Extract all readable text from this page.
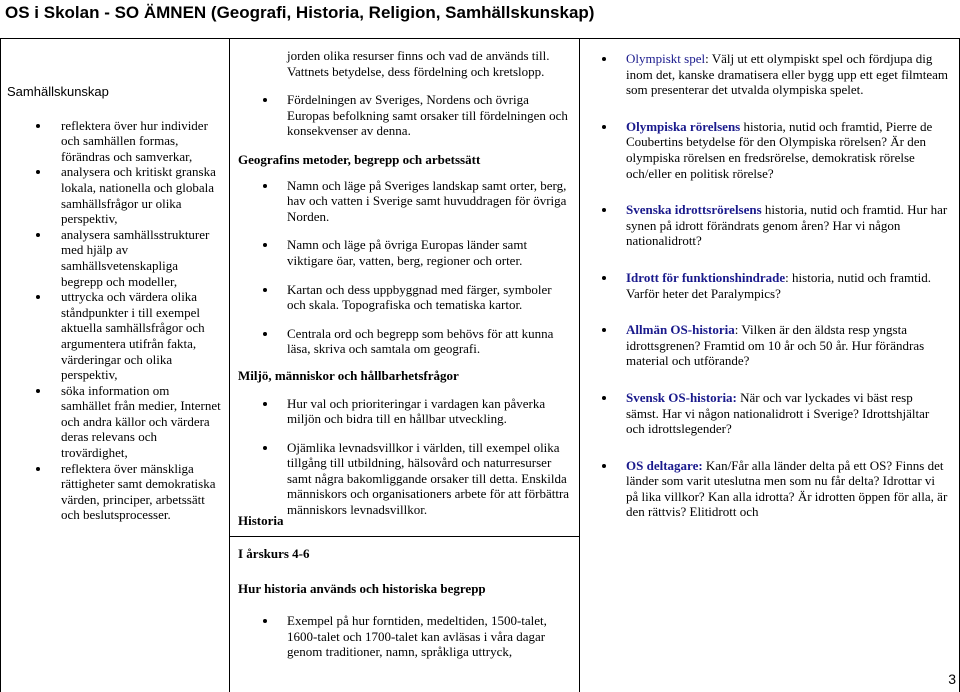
OS i Skolan - SO ÄMNEN (Geografi, Historia, Religion, Samhällskunskap)
Samhällskunskap
reflektera över hur individer och samhällen formas, förändras och samverkar,
analysera och kritiskt granska lokala, nationella och globala samhällsfrågor ur olika perspektiv,
analysera samhällsstrukturer med hjälp av samhällsvetenskapliga begrepp och modeller,
uttrycka och värdera olika ståndpunkter i till exempel aktuella samhällsfrågor och argumentera utifrån fakta, värderingar och olika perspektiv,
söka information om samhället från medier, Internet och andra källor och värdera deras relevans och trovärdighet,
reflektera över mänskliga rättigheter samt demokratiska värden, principer, arbetssätt och beslutsprocesser.
jorden olika resurser finns och vad de används till.
Vattnets betydelse, dess fördelning och kretslopp.
Fördelningen av Sveriges, Nordens och övriga Europas befolkning samt orsaker till fördelningen och konsekvenser av denna.
Geografins metoder, begrepp och arbetssätt
Namn och läge på Sveriges landskap samt orter, berg, hav och vatten i Sverige samt huvuddragen för övriga Norden.
Namn och läge på övriga Europas länder samt viktigare öar, vatten, berg, regioner och orter.
Kartan och dess uppbyggnad med färger, symboler och skala. Topografiska och tematiska kartor.
Centrala ord och begrepp som behövs för att kunna läsa, skriva och samtala om geografi.
Miljö, människor och hållbarhetsfrågor
Hur val och prioriteringar i vardagen kan påverka miljön och bidra till en hållbar utveckling.
Ojämlika levnadsvillkor i världen, till exempel olika tillgång till utbildning, hälsovård och naturresurser samt några bakomliggande orsaker till detta. Enskilda människors och organisationers arbete för att förbättra människors levnadsvillkor.
Historia
I årskurs 4-6
Hur historia används och historiska begrepp
Exempel på hur forntiden, medeltiden, 1500-talet, 1600-talet och 1700-talet kan avläsas i våra dagar genom traditioner, namn, språkliga uttryck,
Olympiskt spel: Välj ut ett olympiskt spel och fördjupa dig inom det, kanske dramatisera eller bygg upp ett eget filmteam som presenterar det utvalda olympiska spelet.
Olympiska rörelsens historia, nutid och framtid, Pierre de Coubertins betydelse för den Olympiska rörelsen? Är den olympiska rörelsen en fredsrörelse, demokratisk rörelse och/eller en politisk rörelse?
Svenska idrottsrörelsens historia, nutid och framtid. Hur har synen på idrott förändrats genom åren? Har vi någon nationalidrott?
Idrott för funktionshindrade: historia, nutid och framtid. Varför heter det Paralympics?
Allmän OS-historia: Vilken är den äldsta resp yngsta idrottsgrenen? Framtid om 10 år och 50 år. Hur förändras material och utförande?
Svensk OS-historia: När och var lyckades vi bäst resp sämst. Har vi någon nationalidrott i Sverige? Idrottshjältar och idrottslegender?
OS deltagare: Kan/Får alla länder delta på ett OS? Finns det länder som varit uteslutna men som nu får delta? Idrottar vi på lika villkor? Kan alla idrotta? Är idrotten öppen för alla, är den rättvis? Elitidrott och
3
